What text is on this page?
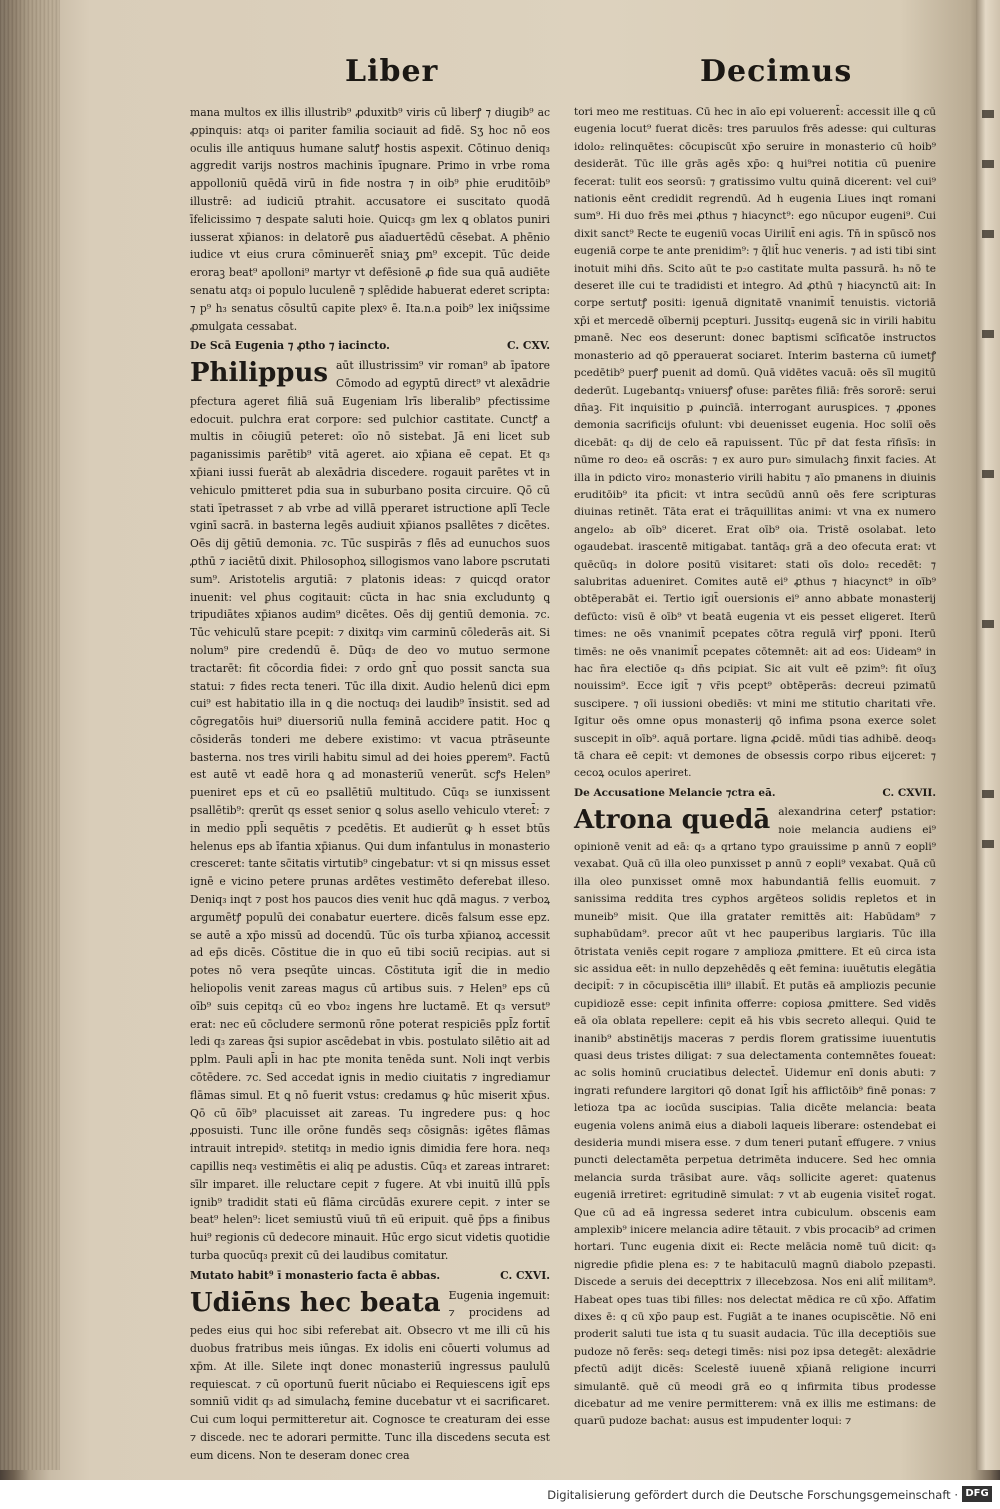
Liber	Decimus

mana multos ex illis illustrib⁹ ꝓduxitb⁹ viris cū liberꝭ ⁊ diugib⁹ ac ꝓpinquis: atq₃ oi pariter familia sociauit ad fidē. Sʒ hoc nō eos oculis ille antiquus humane salutꝭ hostis aspexit. Cōtinuo deniq₃ aggredit varijs nostros machinis īpugnare. Primo in vrbe roma appolloniū quēdā virū in fide nostra ⁊ in oib⁹ phie eruditōib⁹ illustrē: ad iudiciū ptrahit. accusatore ei suscitato quodā īfelicissimo ⁊ despate saluti hoie. Quicq₃ gm lex ꝗ oblatos puniri iusserat xp̄ianos: in delatorē ꝑus aīaduertēdū cēsebat. A phēnio iudice vt eius crura cōminuerēt̄ sniaʒ ꝑm⁹ excepit. Tūc deide eroraꝫ beat⁹ apolloni⁹ martyr vt defēsionē ꝓ fide sua quā audiēte senatu atq₃ oi populo luculenē ⁊ splēdide habuerat ederet scripta: ⁊ p⁹ h₃ senatus cōsultū capite plexꝰ ē. Ita.n.a poib⁹ lex iniq̄ssime ꝓmulgata cessabat.

De Scā Eugenia ⁊ ꝓtho ⁊ iacincto.	C. CXV.

Philippus aūt illustrissim⁹ vir roman⁹ ab īpatore Cōmodo ad egyptū direct⁹ vt alexādrie pfectura ageret filiā suā Eugeniam lrīs liberalib⁹ pfectissime edocuit. pulchra erat corpore: sed pulchior castitate. Cunctꝭ a multis in cōiugiū peteret: oīo nō sistebat. Jā eni licet sub paganissimis parētib⁹ vitā ageret. aio xp̄iana eē cepat. Et q₃ xp̄iani iussi fuerāt ab alexādria discedere. rogauit parētes vt in vehiculo pmitteret pdia sua in suburbano posita circuire. Qō cū stati īpetrasset ⁊ ab vrbe ad villā pperaret istructione aplī Tecle vginī sacrā. in basterna legēs audiuit xp̄ianos psallētes ⁊ dicētes. Oēs dij gētiū demonia. ⁊c. Tūc suspirās ⁊ flēs ad eunuchos suos ꝓthū ⁊ iaciētū dixit. Philosophoꝝ sillogismos vano labore pscrutati sum⁹. Aristotelis argutiā: ⁊ platonis ideas: ⁊ quicqd orator inuenit: vel ꝑhus cogitauit: cūcta in hac snia excluduntꝯ ꝗ tripudiātes xp̄ianos audim⁹ dicētes. Oēs dij gentiū demonia. ⁊c. Tūc vehiculū stare pcepit: ⁊ dixitq₃ vim carminū cōlederās ait. Si nolum⁹ pire credendū ē. Dūq₃ de deo vo mutuo sermone tractarēt: fit cōcordia fidei: ⁊ ordo gnt̄ quo possit sancta sua statui: ⁊ fides recta teneri. Tūc illa dixit. Audio helenū dici epm cui⁹ est habitatio illa in ꝗ die noctuq₃ dei laudib⁹ īnsistit. sed ad cōgregatōis hui⁹ diuersoriū nulla feminā accidere patit. Hoc ꝗ cōsiderās tonderi me debere existimo: vt vacua ptrāseunte basterna. nos tres virili habitu simul ad dei hoies ꝑperem⁹. Factū est autē vt eadē hora ꝗ ad monasteriū venerūt. scꝭs Helen⁹ pueniret eps et cū eo psallētiū multitudo. Cūq₃ se iunxissent psallētib⁹: qrerūt qs esset senior ꝗ solus asello vehiculo vteret̄: ⁊ in medio ppl̄i sequētis ⁊ pcedētis. Et audierūt ꝙ h esset btūs helenus eps ab īfantia xp̄ianus. Qui dum infantulus in monasterio cresceret: tante sc̄itatis virtutib⁹ cingebatur: vt si qn missus esset ignē e vicino petere prunas ardētes vestimēto deferebat illeso. Deniq₃ inqt ⁊ post hos paucos dies venit huc qdā magus. ⁊ verboꝝ argumētꝭ populū dei conabatur euertere. dicēs falsum esse epz. se autē a xp̄o missū ad docendū. Tūc oīs turba xp̄ianoꝝ accessit ad ep̄s dicēs. Cōstitue die in quo eū tibi sociū recipias. aut si potes nō vera pseqūte uincas. Cōstituta igit̄ die in medio heliopolis venit zareas magus cū artibus suis. ⁊ Helen⁹ eps cū oīb⁹ suis cepitq₃ cū eo vbo₂ ingens hre luctamē. Et q₃ versut⁹ erat: nec eū cōcludere sermonū rōne poterat respiciēs ppl̄z fortit̄ ledi q₃ zareas q̄si supior ascēdebat in vbis. postulato silētio ait ad pplm. Pauli apl̄i in hac pte monita tenēda sunt. Noli inqt verbis cōtēdere. ⁊c. Sed accedat ignis in medio ciuitatis ⁊ ingrediamur flāmas simul. Et ꝗ nō fuerit vstus: credamus ꝙ hūc miserit xp̄us. Qō cū ōīb⁹ placuisset ait zareas. Tu ingredere pus: ꝗ hoc ꝓposuisti. Tunc ille orōne fundēs seq₃ cōsignās: igētes flāmas intrauit intrepidꝰ. stetitq₃ in medio ignis dimidia fere hora. neq₃ capillis neq₃ vestimētis ei aliq pe adustis. Cūq₃ et zareas intraret: sīlr imparet. ille reluctare cepit ⁊ fugere. At vbi inuitū illū ppl̄s ignib⁹ tradidit stati eū flāma circūdās exurere cepit. ⁊ inter se beat⁹ helen⁹: licet semiustū viuū tñ eū eripuit. quē p̄ps a finibus hui⁹ regionis cū dedecore minauit. Hūc ergo sicut videtis quotidie turba quocūq₃ prexit cū dei laudibus comitatur.

Mutato habit⁹ ī monasterio facta ē abbas.	C. CXVI.

Udiēns hec beata Eugenia ingemuit: ⁊ procidens ad pedes eius qui hoc sibi referebat ait. Obsecro vt me illi cū his duobus fratribus meis iūngas. Ex idolis eni cōuerti volumus ad xp̄m. At ille. Silete inqt donec monasteriū ingressus paululū requiescat. ⁊ cū oportunū fuerit nūciabo ei Requiescens igit̄ eps somniū vidit q₃ ad simulachꝝ femine ducebatur vt ei sacrificaret. Cui cum loqui permitteretur ait. Cognosce te creaturam dei esse ⁊ discede. nec te adorari permitte. Tunc illa discedens secuta est eum dicens. Non te deseram donec crea

tori meo me restituas. Cū hec in aīo epi voluerent̄: accessit ille ꝗ cū eugenia locut⁹ fuerat dicēs: tres paruulos frēs adesse: qui culturas idolo₂ relinquētes: cōcupiscūt xp̄o seruire in monasterio cū hoib⁹ desiderāt. Tūc ille grās agēs xp̄o: ꝗ hui⁹rei notitia cū puenire fecerat: tulit eos seorsū: ⁊ gratissimo vultu quinā dicerent: vel cui⁹ nationis eēnt credidit regrendū. Ad h eugenia Liues inqt romani sum⁹. Hi duo frēs mei ꝓthus ⁊ hiacynct⁹: ego nūcupor eugeni⁹. Cui dixit sanct⁹ Recte te eugeniū vocas Uirilit̄ eni agis. Tn̄ in spūscō nos eugeniā corpe te ante prenidim⁹: ⁊ q̄lit̄ huc veneris. ⁊ ad isti tibi sint inotuit mihi dn̄s. Scito aūt te p₂o castitate multa passurā. h₃ nō te deseret ille cui te tradidisti et integro. Ad ꝓthū ⁊ hiacynctū ait: In corpe sertutꝭ positi: igenuā dignitatē vnanimit̄ tenuistis. victoriā xp̄i et mercedē oībernij pcepturi. Jussitq₃ eugenā sic in virili habitu pmanē. Nec eos deserunt: donec baptismi scīficatōe instructos monasterio ad qō ꝑperauerat sociaret. Interim basterna cū iumetꝭ pcedētib⁹ puerꝭ puenit ad domū. Quā vidētes vacuā: oēs sīl mugitū dederūt. Lugebantq₃ vniuersꝭ ofuse: parētes filiā: frēs sororē: serui dn̄aꝫ. Fit inquisitio p ꝓuincīā. interrogant aurusꝑices. ⁊ ꝓpones demonia sacrificijs ofulunt: vbi deuenisset eugenia. Hoc soliī oēs dicebāt: q₃ dij de celo eā rapuissent. Tūc pr̄ dat festa rīfisīs: in nūme ro deo₂ eā oscrās: ⁊ ex auro pur₀ simulachꝫ finxit facies. At illa in pdicto viro₂ monasterio virili habitu ⁊ aīo pmanens in diuinis eruditōib⁹ ita pficit: vt intra secūdū annū oēs fere scripturas diuinas retinēt. Tāta erat ei trāquillitas animi: vt vna ex numero angelo₂ ab oīb⁹ diceret. Erat oīb⁹ oia. Tristē osolabat. leto ogaudebat. irascentē mitigabat. tantāq₃ grā a deo ofecuta erat: vt quēcūq₃ in dolore positū visitaret: stati oīs dolo₂ recedēt: ⁊ salubritas adueniret. Comites autē ei⁹ ꝓthus ⁊ hiacynct⁹ in oīb⁹ obtēperabāt ei. Tertio igit̄ ouersionis ei⁹ anno abbate monasterij defūcto: visū ē oīb⁹ vt beatā eugenia vt eis pesset eligeret. Iterū times: ne oēs vnanimit̄ pcepates cōtra regulā virꝭ pponi. Iterū timēs: ne oēs vnanimit̄ pcepates cōtemnēt: ait ad eos: Uideam⁹ in hac n̄ra electiōe q₃ dn̄s pcipiat. Sic ait vult eē pzim⁹: fit oīuʒ nouissim⁹. Ecce igit̄ ⁊ vr̄is pcept⁹ obtēperās: decreui pzimatū suscipere. ⁊ oīi iussioni obediēs: vt mini me stitutio charitati vr̄e. Igitur oēs omne opus monasterij qō infima psona exerce solet suscepit in oīb⁹. aquā portare. ligna ꝓcidē. mūdi tias adhibē. deoq₃ tā chara eē cepit: vt demones de obsessis corpo ribus eijceret: ⁊ cecoꝝ oculos aperiret.

De Accusatione Melancie ⁊ctra eā.	C. CXVII.

Atrona quedā alexandrina ceterꝭ pstatior: noie melancia audiens ei⁹ opinionē venit ad eā: q₃ a qrtano typo grauissime p annū ⁊ eopli⁹ vexabat. Quā cū illa oleo punxisset p annū ⁊ eopli⁹ vexabat. Quā cū illa oleo punxisset omnē mox habundantiā fellis euomuit. ⁊ sanissima reddita tres cyphos argēteos solidis repletos et in muneib⁹ misit. Que illa gratater remittēs ait: Habūdam⁹ ⁊ suphabūdam⁹. precor aūt vt hec pauperibus largiaris. Tūc illa ōtristata veniēs cepit rogare ⁊ amplioza ꝓmittere. Et eū circa ista sic assidua eēt: in nullo depzehēdēs ꝗ eēt femina: iuuētutis elegātia decipit̄: ⁊ in cōcupiscētia illi⁹ illabit̄. Et putās eā ampliozis pecunie cupidiozē esse: cepit infinita offerre: copiosa ꝓmittere. Sed vidēs eā oīa oblata repellere: cepit eā his vbis secreto allequi. Quid te inanib⁹ abstinētijs maceras ⁊ perdis florem gratissime iuuentutis quasi deus tristes diligat: ⁊ sua delectamenta contemnētes foueat: ac solis hominū cruciatibus delectet̄. Uidemur enī donis abuti: ⁊ ingrati refundere largitori qō donat Igit̄ his afflictōib⁹ finē ponas: ⁊ letioza tpa ac iocūda suscipias. Talia dicēte melancia: beata eugenia volens animā eius a diaboli laqueis liberare: ostendebat ei desideria mundi misera esse. ⁊ dum teneri putant̄ effugere. ⁊ vnius puncti delectamēta perpetua detrimēta inducere. Sed hec omnia melancia surda trāsibat aure. vāq₃ sollicite ageret: quatenus eugeniā irretiret: egritudinē simulat: ⁊ vt ab eugenia visitet̄ rogat. Que cū ad eā ingressa sederet intra cubiculum. obscenis eam amplexib⁹ inicere melancia adire tētauit. ⁊ vbis procacib⁹ ad crimen hortari. Tunc eugenia dixit ei: Recte melācia nomē tuū dicit: q₃ nigredie pfidie plena es: ⁊ te habitaculū magnū diabolo pzepasti. Discede a seruis dei decepttrix ⁊ illecebzosa. Nos eni alit̄ militam⁹. Habeat opes tuas tibi filles: nos delectat mēdica re cū xp̄o. Affatim dixes ē: q cū xp̄o paup est. Fugiāt a te inanes ocupiscētie. Nō eni proderit saluti tue ista q tu suasit audacia. Tūc illa deceptiōis sue pudoze nō ferēs: seq₃ detegi timēs: nisi poz ipsa detegēt: alexādrie pfectū adijt dicēs: Scelestē iuuenē xp̄ianā religione incurri simulantē. quē cū meodi grā eo q infirmita tibus prodesse dicebatur ad me venire permitterem: vnā ex illis me estimans: de quarū pudoze bachat: ausus est impudenter loqui: ⁊

Digitalisierung gefördert durch die Deutsche Forschungsgemeinschaft · DFG
